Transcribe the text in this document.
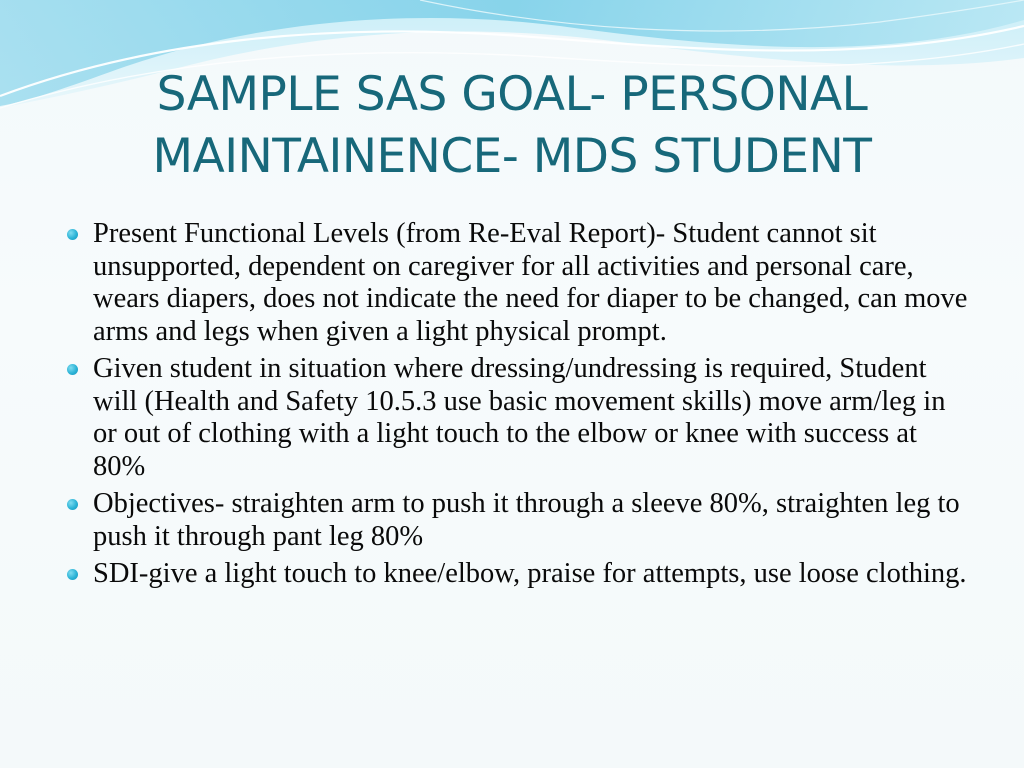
SAMPLE SAS GOAL- PERSONAL
MAINTAINENCE- MDS STUDENT
Present Functional Levels (from Re-Eval Report)- Student cannot sit unsupported, dependent on caregiver for all activities and personal care, wears diapers, does not indicate the need for diaper to be changed, can move arms and legs when given a light physical prompt.
Given student in situation where dressing/undressing is required, Student will (Health and Safety 10.5.3 use basic movement skills) move arm/leg in or out of clothing with a light touch to the elbow or knee with success at 80%
Objectives- straighten arm to push it through a sleeve 80%, straighten leg to push it through pant leg 80%
SDI-give a light touch to knee/elbow, praise for attempts, use loose clothing.
